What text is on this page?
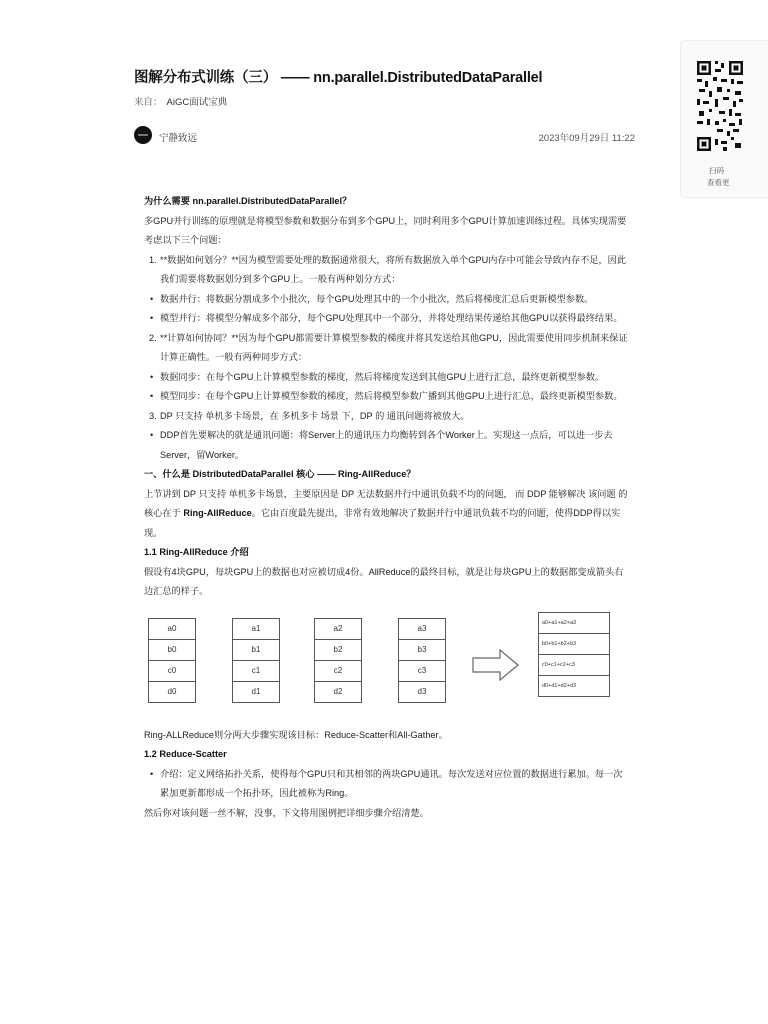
图解分布式训练（三） —— nn.parallel.DistributedDataParallel
来自： AiGC面试宝典
宁静致远	2023年09月29日 11:22

为什么需要 nn.parallel.DistributedDataParallel？

多GPU并行训练的原理就是将模型参数和数据分布到多个GPU上，同时利用多个GPU计算加速训练过程。具体实现需要考虑以下三个问题：

1. **数据如何划分？**因为模型需要处理的数据通常很大，将所有数据放入单个GPU内存中可能会导致内存不足，因此我们需要将数据划分到多个GPU上。一般有两种划分方式：
• 数据并行：将数据分割成多个小批次，每个GPU处理其中的一个小批次，然后将梯度汇总后更新模型参数。
• 模型并行：将模型分解成多个部分，每个GPU处理其中一个部分，并将处理结果传递给其他GPU以获得最终结果。
2. **计算如何协同？**因为每个GPU都需要计算模型参数的梯度并将其发送给其他GPU，因此需要使用同步机制来保证计算正确性。一般有两种同步方式：
• 数据同步：在每个GPU上计算模型参数的梯度，然后将梯度发送到其他GPU上进行汇总，最终更新模型参数。
• 模型同步：在每个GPU上计算模型参数的梯度，然后将模型参数广播到其他GPU上进行汇总，最终更新模型参数。
3. DP 只支持 单机多卡场景，在 多机多卡 场景 下，DP 的 通讯问题将被放大。
• DDP首先要解决的就是通讯问题：将Server上的通讯压力均衡转到各个Worker上。实现这一点后，可以进一步去Server，留Worker。

一、什么是 DistributedDataParallel 核心 —— Ring-AllReduce？

上节讲到 DP 只支持 单机多卡场景，主要原因是 DP 无法数据并行中通讯负载不均的问题， 而 DDP 能够解决 该问题 的 核心在于 Ring-AllReduce。它由百度最先提出，非常有效地解决了数据并行中通讯负载不均的问题，使得DDP得以实现。

1.1 Ring-AllReduce 介绍

假设有4块GPU，每块GPU上的数据也对应被切成4份。AllReduce的最终目标，就是让每块GPU上的数据都变成箭头右边汇总的样子。

a0
b0
c0
d0
a1
b1
c1
d1
a2
b2
c2
d2
a3
b3
c3
d3
a0+a1+a2+a3
b0+b1+b2+b3
c0+c1+c2+c3
d0+d1+d2+d3

Ring-ALLReduce则分两大步骤实现该目标：Reduce-Scatter和All-Gather。

1.2 Reduce-Scatter

• 介绍：定义网络拓扑关系，使得每个GPU只和其相邻的两块GPU通讯。每次发送对应位置的数据进行累加。每一次累加更新都形成一个拓扑环，因此被称为Ring。

然后你对该问题一丝不解，没事，下文将用图例把详细步骤介绍清楚。

扫码
查看更
